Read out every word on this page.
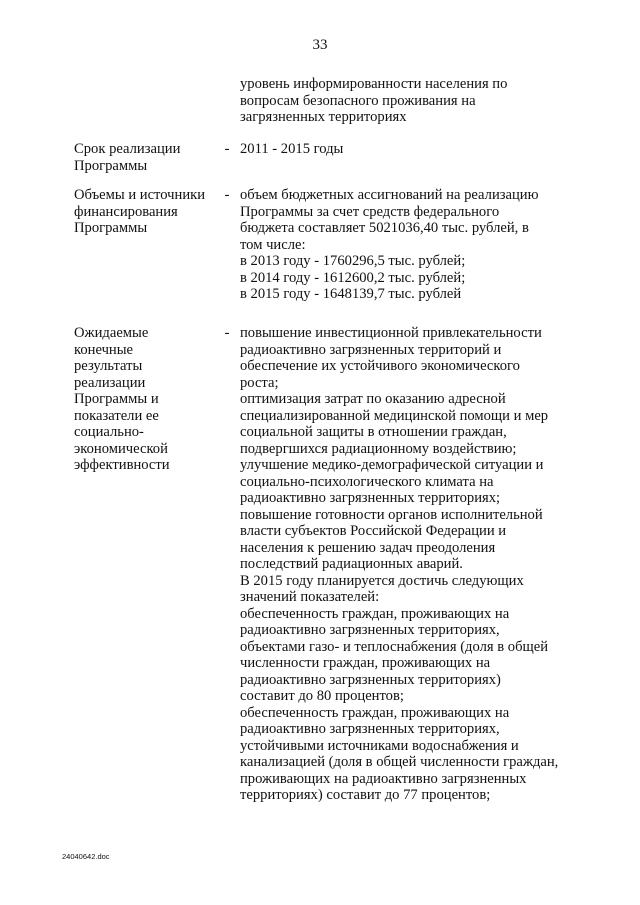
33
уровень информированности населения по
вопросам безопасного проживания на
загрязненных территориях
Срок реализации
Программы
- 2011 - 2015 годы
Объемы и источники
финансирования
Программы
- объем бюджетных ассигнований на реализацию
Программы за счет средств федерального
бюджета составляет 5021036,40 тыс. рублей, в
том числе:
в 2013 году - 1760296,5 тыс. рублей;
в 2014 году - 1612600,2 тыс. рублей;
в 2015 году - 1648139,7 тыс. рублей
Ожидаемые
конечные
результаты
реализации
Программы и
показатели ее
социально-
экономической
эффективности
- повышение инвестиционной привлекательности
радиоактивно загрязненных территорий и
обеспечение их устойчивого экономического
роста;
оптимизация затрат по оказанию адресной
специализированной медицинской помощи и мер
социальной защиты в отношении граждан,
подвергшихся радиационному воздействию;
улучшение медико-демографической ситуации и
социально-психологического климата на
радиоактивно загрязненных территориях;
повышение готовности органов исполнительной
власти субъектов Российской Федерации и
населения к решению задач преодоления
последствий радиационных аварий.
В 2015 году планируется достичь следующих
значений показателей:
обеспеченность граждан, проживающих на
радиоактивно загрязненных территориях,
объектами газо- и теплоснабжения (доля в общей
численности граждан, проживающих на
радиоактивно загрязненных территориях)
составит до 80 процентов;
обеспеченность граждан, проживающих на
радиоактивно загрязненных территориях,
устойчивыми источниками водоснабжения и
канализацией (доля в общей численности граждан,
проживающих на радиоактивно загрязненных
территориях) составит до 77 процентов;
24040642.doc
